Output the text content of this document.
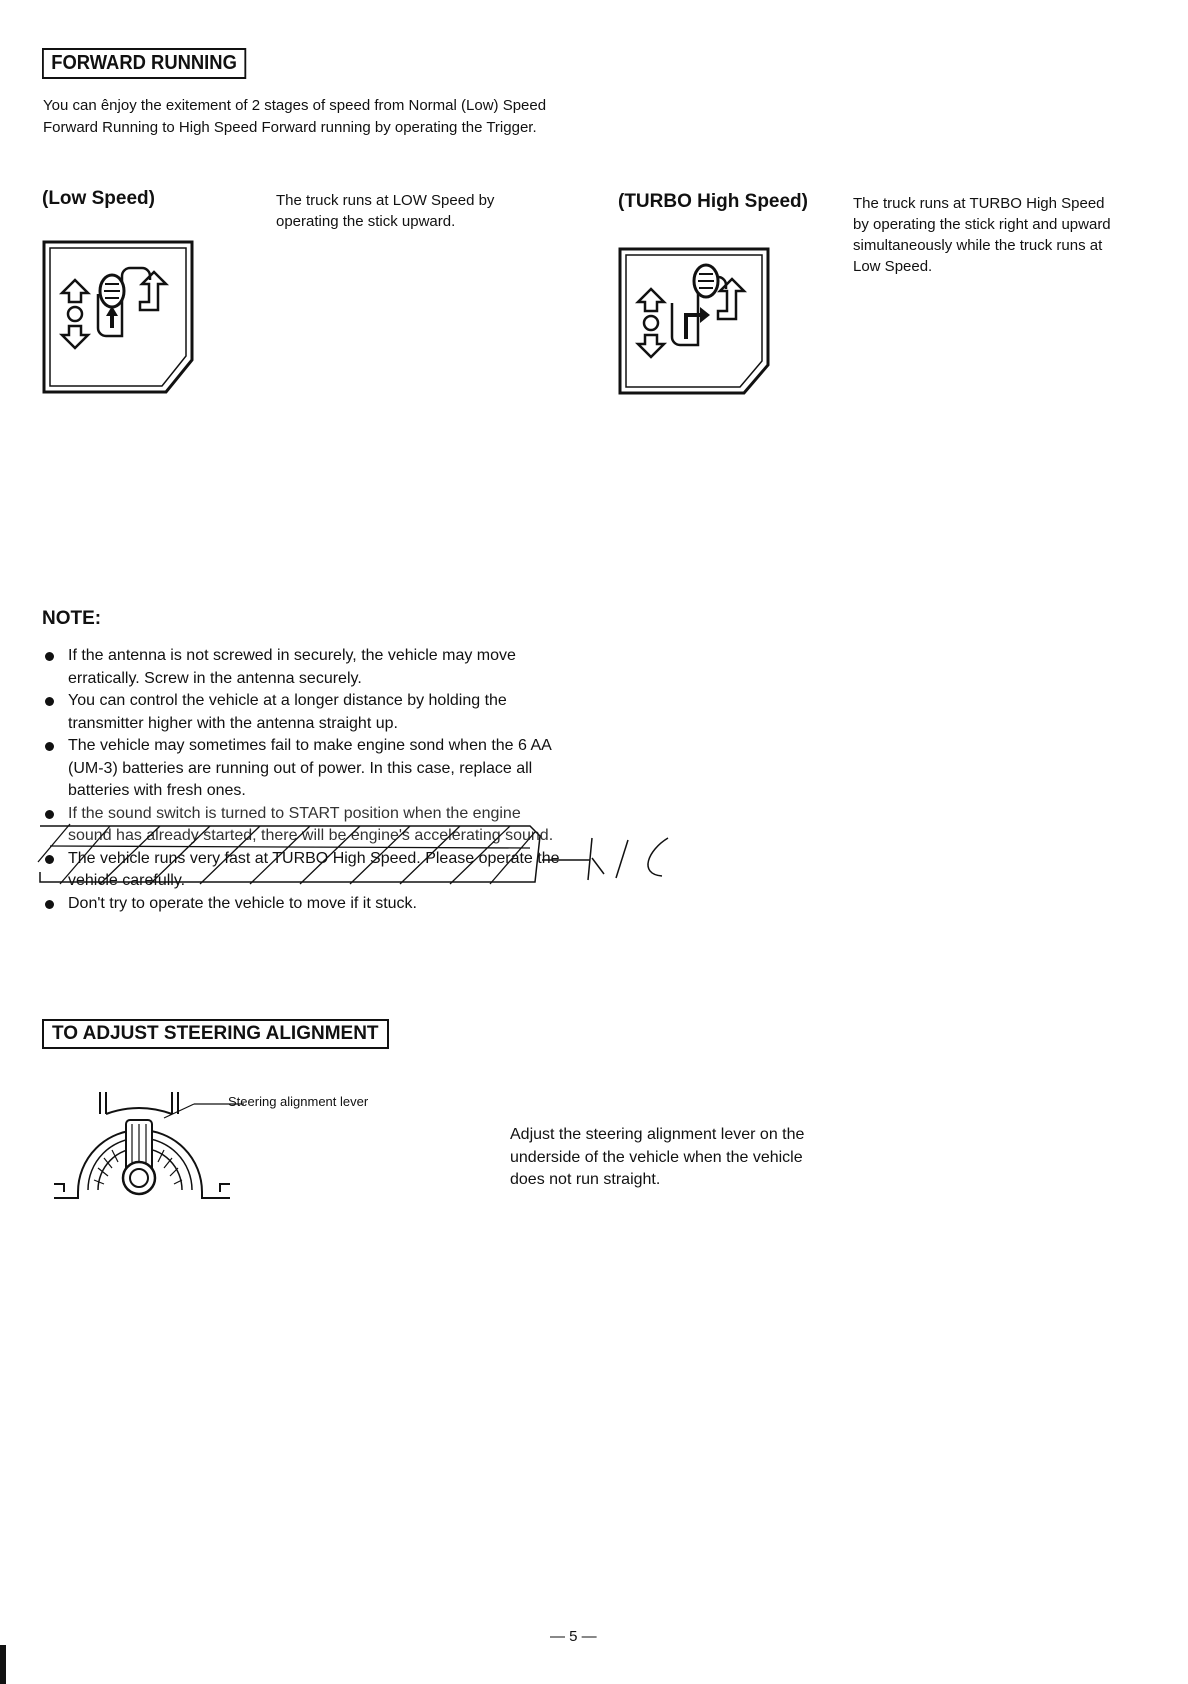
FORWARD RUNNING
You can ênjoy the exitement of 2 stages of speed from Normal (Low) Speed Forward Running to High Speed Forward running by operating the Trigger.
(Low Speed)	The truck runs at LOW Speed by operating the stick upward.
(TURBO High Speed)	The truck runs at TURBO High Speed by operating the stick right and upward simultaneously while the truck runs at Low Speed.
NOTE:
If the antenna is not screwed in securely, the vehicle may move erratically. Screw in the antenna securely.
You can control the vehicle at a longer distance by holding the transmitter higher with the antenna straight up.
The vehicle may sometimes fail to make engine sond when the 6 AA (UM-3) batteries are running out of power. In this case, replace all batteries with fresh ones.
If the sound switch is turned to START position when the engine sound has already started, there will be engine's accelerating sound.
The vehicle runs very fast at TURBO High Speed. Please operate the vehicle carefully.
Don't try to operate the vehicle to move if it stuck.
TO ADJUST STEERING ALIGNMENT
Steering alignment lever
Adjust the steering alignment lever on the underside of the vehicle when the vehicle does not run straight.
— 5 —
